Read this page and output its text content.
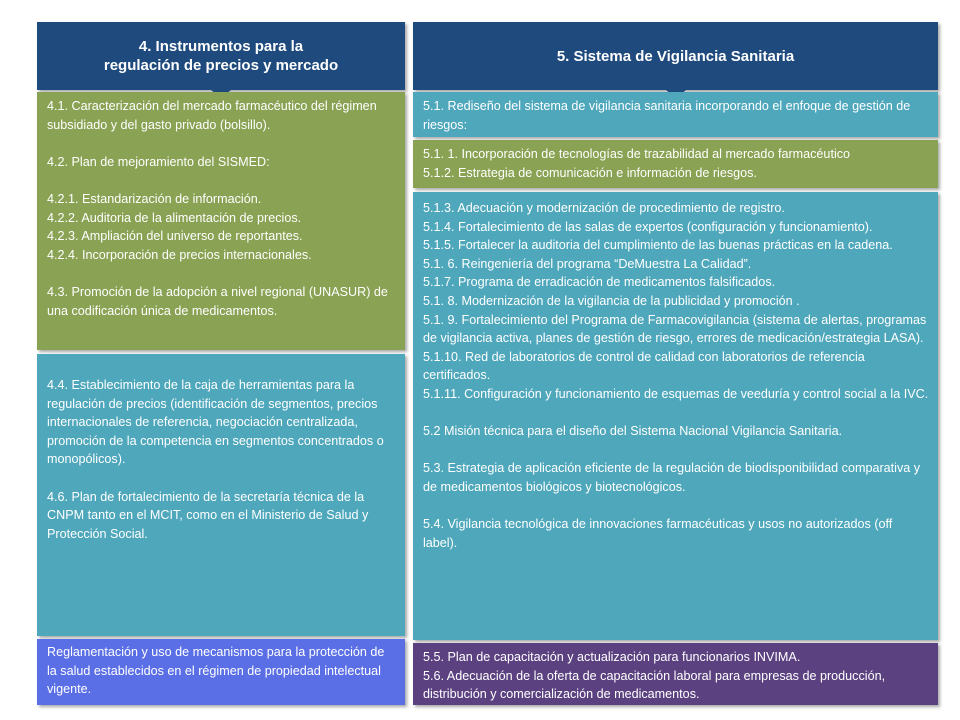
4. Instrumentos para la
regulación de precios y mercado

4.1. Caracterización del mercado farmacéutico del régimen subsidiado y del gasto privado (bolsillo).

4.2. Plan de mejoramiento del SISMED:

4.2.1. Estandarización de información.

4.2.2. Auditoria de la alimentación de precios.

4.2.3. Ampliación del universo de reportantes.

4.2.4. Incorporación de precios internacionales.

4.3. Promoción de la adopción a nivel regional (UNASUR) de una codificación única de medicamentos.

4.4. Establecimiento de la caja de herramientas para la regulación de precios (identificación de segmentos, precios internacionales de referencia, negociación centralizada, promoción de la competencia en segmentos concentrados o monopólicos).

4.6. Plan de fortalecimiento de la secretaría técnica de la CNPM tanto en el MCIT, como en el Ministerio de Salud y Protección Social.

Reglamentación y uso de mecanismos para la protección de la salud establecidos en el régimen de propiedad intelectual vigente.

5. Sistema de Vigilancia Sanitaria

5.1. Rediseño del sistema de vigilancia sanitaria incorporando el enfoque de gestión de riesgos:

5.1. 1. Incorporación de tecnologías de trazabilidad al mercado farmacéutico

5.1.2. Estrategia de comunicación e información de riesgos.

5.1.3. Adecuación y modernización de procedimiento de registro.

5.1.4. Fortalecimiento de las salas de expertos (configuración y funcionamiento).

5.1.5. Fortalecer la auditoria del cumplimiento de las buenas prácticas en la cadena.

5.1. 6. Reingeniería del programa “DeMuestra La Calidad”.

5.1.7. Programa de erradicación de medicamentos falsificados.

5.1. 8. Modernización de la vigilancia de la publicidad y promoción .

5.1. 9. Fortalecimiento del Programa de Farmacovigilancia (sistema de alertas, programas de vigilancia activa, planes de gestión de riesgo, errores de medicación/estrategia LASA).

5.1.10. Red de laboratorios de control de calidad con laboratorios de referencia certificados.

5.1.11. Configuración y funcionamiento de esquemas de veeduría y control social a la IVC.

5.2 Misión técnica para el diseño del Sistema Nacional Vigilancia Sanitaria.

5.3. Estrategia de aplicación eficiente de la regulación de biodisponibilidad comparativa y de medicamentos biológicos y biotecnológicos.

5.4. Vigilancia tecnológica de innovaciones farmacéuticas y usos no autorizados (off label).

5.5. Plan de capacitación y actualización para funcionarios INVIMA.

5.6. Adecuación de la oferta de capacitación laboral para empresas de producción, distribución y comercialización de medicamentos.
